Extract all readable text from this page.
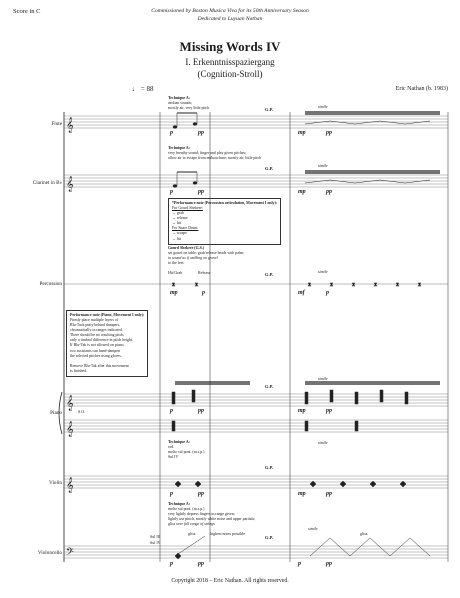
𝄞
𝄞
𝄞
𝄞
𝄞
𝄢
x	x	x	x	x	x	x	x
Score in C	Commissioned by Boston Musica Viva for its 50th Anniversary Season
Dedicated to Luyuan Nathan
Missing Words IV
I. Erkenntnisspaziergang
(Cognition-Stroll)
Eric Nathan (b. 1983)
♩ = 88
Flute
Clarinet in B♭
Percussion
Piano
Violin
Violoncello
Technique A:
aeolian sounds;
mostly air, very little pitch	G.P.
simile
p	pp	mp	pp
Technique A:
very breathy sound; finger and play given pitches;
allow air to escape from embouchure; mostly air, little pitch
G.P.
simile
p	pp	mp	pp
*Performance note (Percussion articulation, Movement I only):
For Gourd Shekere:
→ grab
→ release
→ hit
For Snare Drum:
→ scrape
→ hit
Gourd Shekere (G.S.)
set gourd on table; grab/release beads with palm;
to sound as if walking on gravel
to the feet
Hit/Grab	Release	G.P.
simile
mp	p	mf	p
Performance note (Piano, Movement I only):
Firmly place multiple layers of
Blu-Tack putty behind dampers,
chromatically in ranges indicated.
There should be no resulting pitch,
only a timbral difference in pitch height.
If Blu-Tak is not allowed on piano,
two assistants can hand-dampen
the selected pitches using gloves.

Remove Blu-Tak after this movement
is finished.
S.O.
G.P.
simile
p	pp	mp	pp
Technique A:
ord.
molto sul pont. (m.s.p.)
Sul IV
G.P.
simile
p	pp	mp	pp
Technique A:
molto sul pont. (m.s.p.)
very lightly depress fingers in range given;
lightly use pinch, mostly white noise and upper partials;
gliss over full range of strings
Sul III
Sul IV
gliss.	highest notes possible
G.P.
simile
gliss.
p	pp	p	pp
Copyright 2018 – Eric Nathan. All rights reserved.
